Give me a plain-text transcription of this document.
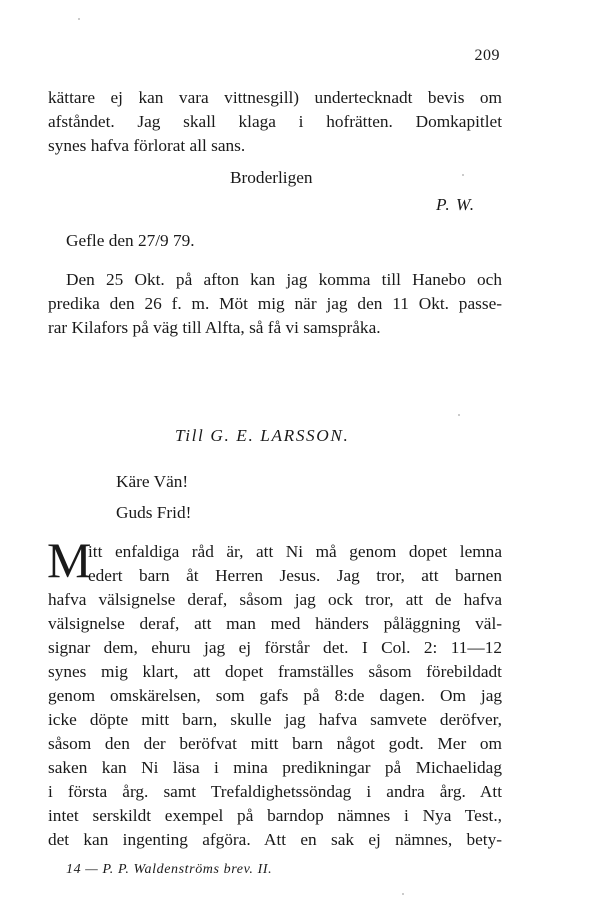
209
kättare ej kan vara vittnesgill) undertecknadt bevis om
afståndet. Jag skall klaga i hofrätten. Domkapitlet
synes hafva förlorat all sans.
Broderligen
P. W.
Gefle den 27/9 79.
Den 25 Okt. på afton kan jag komma till Hanebo och
predika den 26 f. m. Möt mig när jag den 11 Okt. passe-
rar Kilafors på väg till Alfta, så få vi samspråka.
Till G. E. LARSSON.
Käre Vän!
Guds Frid!
M
itt enfaldiga råd är, att Ni må genom dopet lemna
edert barn åt Herren Jesus. Jag tror, att barnen
hafva välsignelse deraf, såsom jag ock tror, att de hafva
välsignelse deraf, att man med händers påläggning väl-
signar dem, ehuru jag ej förstår det. I Col. 2: 11—12
synes mig klart, att dopet framställes såsom förebildadt
genom omskärelsen, som gafs på 8:de dagen. Om jag
icke döpte mitt barn, skulle jag hafva samvete deröfver,
såsom den der beröfvat mitt barn något godt. Mer om
saken kan Ni läsa i mina predikningar på Michaelidag
i första årg. samt Trefaldighetssöndag i andra årg. Att
intet serskildt exempel på barndop nämnes i Nya Test.,
det kan ingenting afgöra. Att en sak ej nämnes, bety-
14 — P. P. Waldenströms brev. II.
